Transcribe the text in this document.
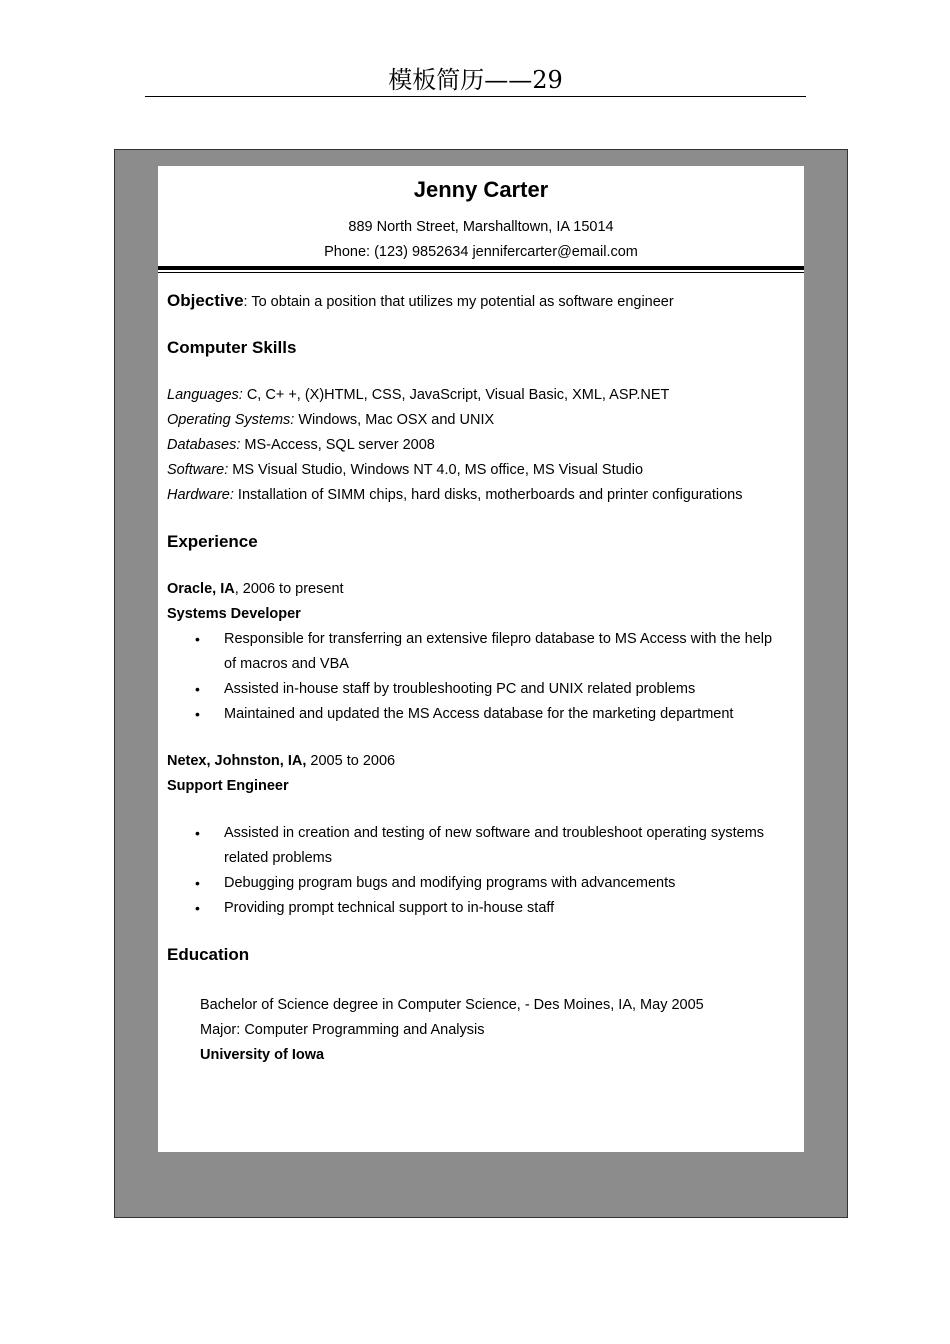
模板简历——29
Jenny Carter
889 North Street, Marshalltown, IA 15014
Phone: (123) 9852634 jennifercarter@email.com
Objective: To obtain a position that utilizes my potential as software engineer
Computer Skills
Languages: C, C+ +, (X)HTML, CSS, JavaScript, Visual Basic, XML, ASP.NET
Operating Systems: Windows, Mac OSX and UNIX
Databases: MS-Access, SQL server 2008
Software: MS Visual Studio, Windows NT 4.0, MS office, MS Visual Studio
Hardware: Installation of SIMM chips, hard disks, motherboards and printer configurations
Experience
Oracle, IA, 2006 to present
Systems Developer
• Responsible for transferring an extensive filepro database to MS Access with the help of macros and VBA
• Assisted in-house staff by troubleshooting PC and UNIX related problems
• Maintained and updated the MS Access database for the marketing department
Netex, Johnston, IA, 2005 to 2006
Support Engineer
• Assisted in creation and testing of new software and troubleshoot operating systems related problems
• Debugging program bugs and modifying programs with advancements
• Providing prompt technical support to in-house staff
Education
Bachelor of Science degree in Computer Science, - Des Moines, IA, May 2005
Major: Computer Programming and Analysis
University of Iowa
